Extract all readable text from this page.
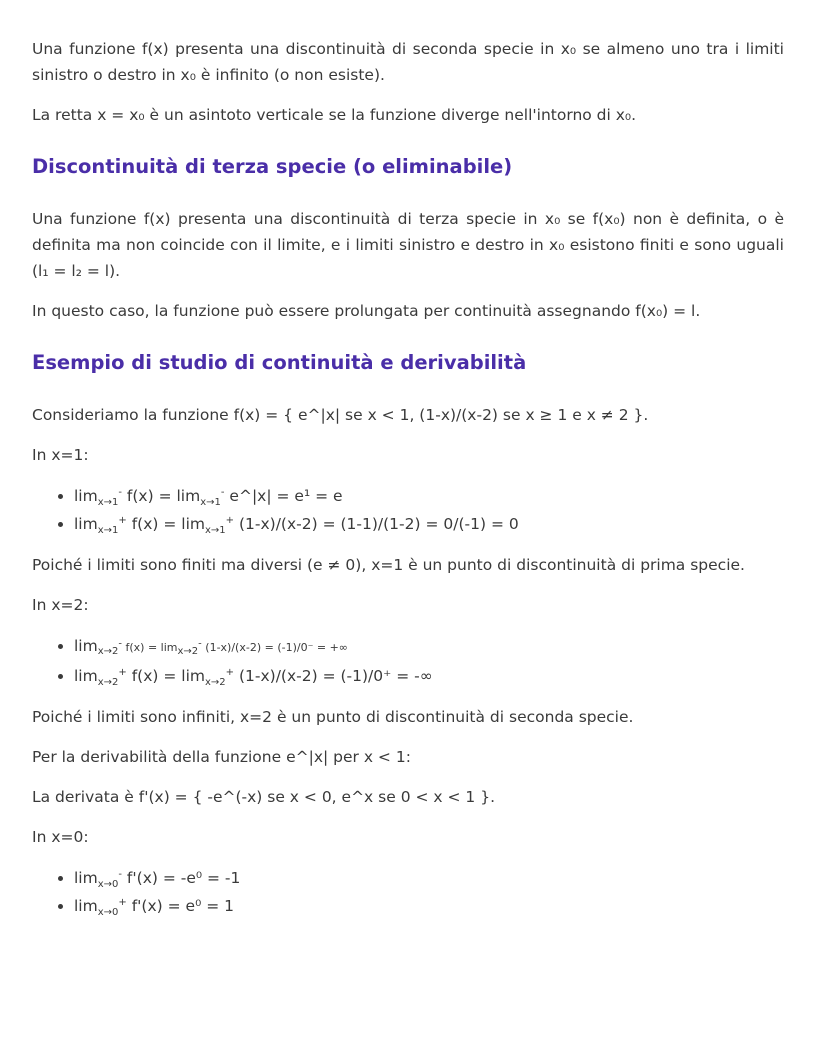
Una funzione f(x) presenta una discontinuità di seconda specie in x₀ se almeno uno tra i limiti sinistro o destro in x₀ è infinito (o non esiste).

La retta x = x₀ è un asintoto verticale se la funzione diverge nell'intorno di x₀.

Discontinuità di terza specie (o eliminabile)

Una funzione f(x) presenta una discontinuità di terza specie in x₀ se f(x₀) non è definita, o è definita ma non coincide con il limite, e i limiti sinistro e destro in x₀ esistono finiti e sono uguali (l₁ = l₂ = l).

In questo caso, la funzione può essere prolungata per continuità assegnando f(x₀) = l.

Esempio di studio di continuità e derivabilità

Consideriamo la funzione f(x) = { e^|x| se x < 1, (1-x)/(x-2) se x ≥ 1 e x ≠ 2 }.

In x=1:

• $\lim_{x\to 1}^- f(x) = \lim_{x\to 1}^-$ e^|x| = e¹ = e
• $\lim_{x\to 1}^+ f(x) = \lim_{x\to 1}^+ (1-x)/(x-2) = (1-1)/(1-2) = 0/(-1) = 0$

Poiché i limiti sono finiti ma diversi (e ≠ 0), x=1 è un punto di discontinuità di prima specie.

In x=2:

• $\lim_{x\to 2}^- f(x) = \lim_{x\to 2}^- (1-x)/(x-2) = (-1)/0^-$ = +∞
• $\lim_{x\to 2}^+ f(x) = \lim_{x\to 2}^+ (1-x)/(x-2) = (-1)/0^+$ = -∞

Poiché i limiti sono infiniti, x=2 è un punto di discontinuità di seconda specie.

Per la derivabilità della funzione e^|x| per x < 1:

La derivata è f'(x) = { -e^(-x) se x < 0, e^x se 0 < x < 1 }.

In x=0:

• $\lim_{x\to 0}^- f'(x) = -e^0 = -1$
• $\lim_{x\to 0}^+ f'(x) = e^0 = 1$
